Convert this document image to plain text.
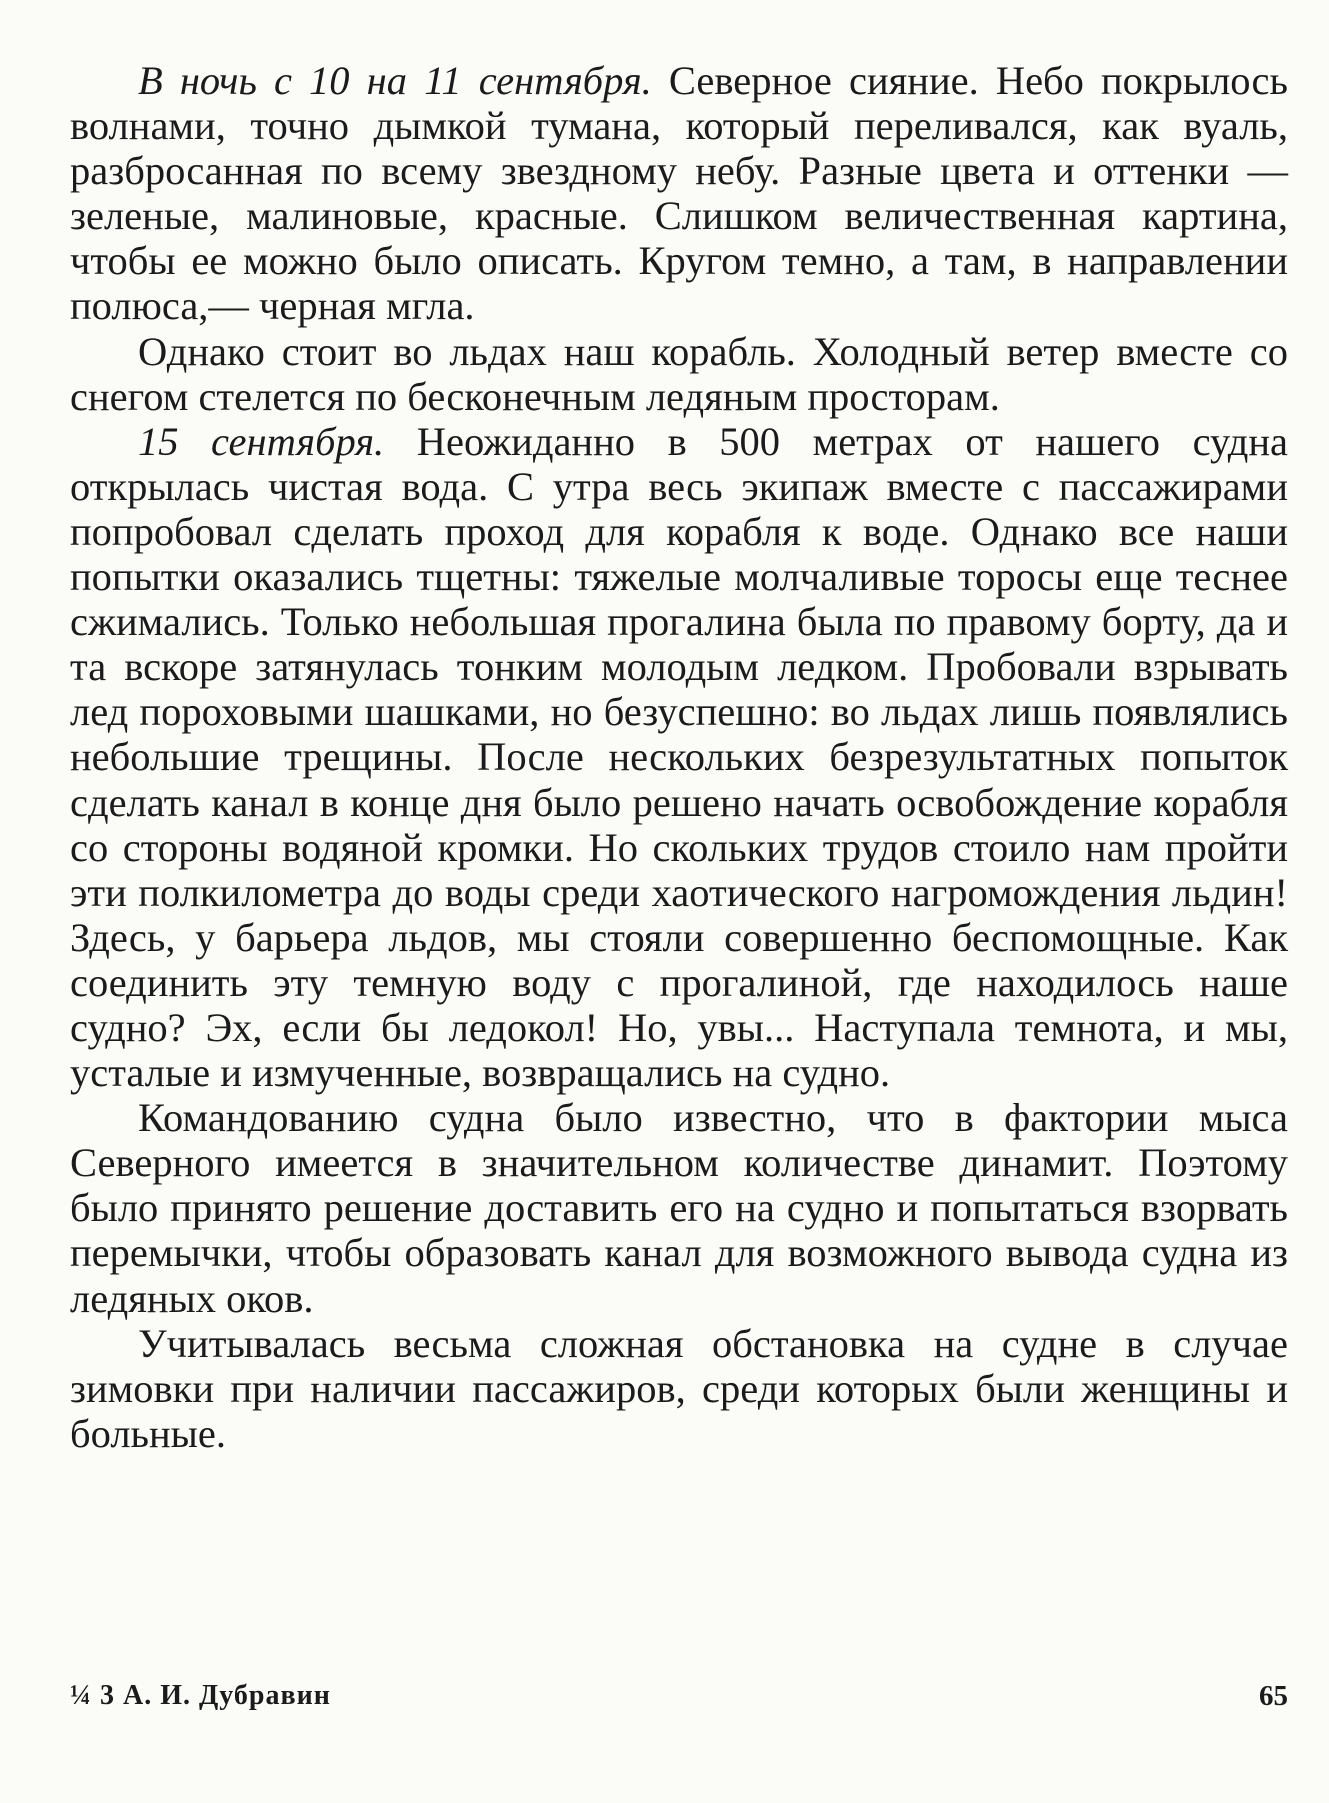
В ночь с 10 на 11 сентября. Северное сияние. Небо покрылось волнами, точно дымкой тумана, который переливался, как вуаль, разбросанная по всему звездному небу. Разные цвета и оттенки — зеленые, малиновые, красные. Слишком величественная картина, чтобы ее можно было описать. Кругом темно, а там, в направлении полюса,— черная мгла.

Однако стоит во льдах наш корабль. Холодный ветер вместе со снегом стелется по бесконечным ледяным просторам.

15 сентября. Неожиданно в 500 метрах от нашего судна открылась чистая вода. С утра весь экипаж вместе с пассажирами попробовал сделать проход для корабля к воде. Однако все наши попытки оказались тщетны: тяжелые молчаливые торосы еще теснее сжимались. Только небольшая прогалина была по правому борту, да и та вскоре затянулась тонким молодым ледком. Пробовали взрывать лед пороховыми шашками, но безуспешно: во льдах лишь появлялись небольшие трещины. После нескольких безрезультатных попыток сделать канал в конце дня было решено начать освобождение корабля со стороны водяной кромки. Но скольких трудов стоило нам пройти эти полкилометра до воды среди хаотического нагромождения льдин! Здесь, у барьера льдов, мы стояли совершенно беспомощные. Как соединить эту темную воду с прогалиной, где находилось наше судно? Эх, если бы ледокол! Но, увы... Наступала темнота, и мы, усталые и измученные, возвращались на судно.

Командованию судна было известно, что в фактории мыса Северного имеется в значительном количестве динамит. Поэтому было принято решение доставить его на судно и попытаться взорвать перемычки, чтобы образовать канал для возможного вывода судна из ледяных оков.

Учитывалась весьма сложная обстановка на судне в случае зимовки при наличии пассажиров, среди которых были женщины и больные.

¼ 3 А. И. Дубравин	65
